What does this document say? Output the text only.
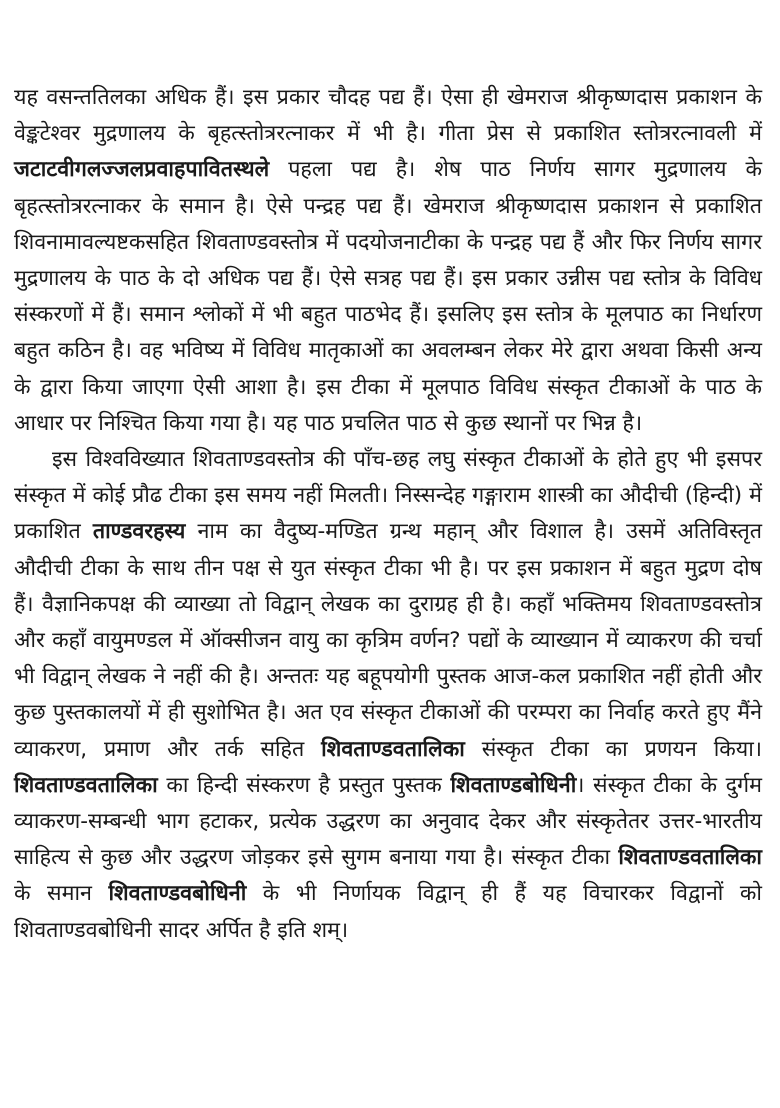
यह वसन्ततिलका अधिक हैं। इस प्रकार चौदह पद्य हैं। ऐसा ही खेमराज श्रीकृष्णदास प्रकाशन के वेङ्कटेश्वर मुद्रणालय के बृहत्स्तोत्ररत्नाकर में भी है। गीता प्रेस से प्रकाशित स्तोत्ररत्नावली में जटाटवीगलज्जलप्रवाहपावितस्थले पहला पद्य है। शेष पाठ निर्णय सागर मुद्रणालय के बृहत्स्तोत्ररत्नाकर के समान है। ऐसे पन्द्रह पद्य हैं। खेमराज श्रीकृष्णदास प्रकाशन से प्रकाशित शिवनामावल्यष्टकसहित शिवताण्डवस्तोत्र में पदयोजनाटीका के पन्द्रह पद्य हैं और फिर निर्णय सागर मुद्रणालय के पाठ के दो अधिक पद्य हैं। ऐसे सत्रह पद्य हैं। इस प्रकार उन्नीस पद्य स्तोत्र के विविध संस्करणों में हैं। समान श्लोकों में भी बहुत पाठभेद हैं। इसलिए इस स्तोत्र के मूलपाठ का निर्धारण बहुत कठिन है। वह भविष्य में विविध मातृकाओं का अवलम्बन लेकर मेरे द्वारा अथवा किसी अन्य के द्वारा किया जाएगा ऐसी आशा है। इस टीका में मूलपाठ विविध संस्कृत टीकाओं के पाठ के आधार पर निश्चित किया गया है। यह पाठ प्रचलित पाठ से कुछ स्थानों पर भिन्न है।

इस विश्वविख्यात शिवताण्डवस्तोत्र की पाँच-छह लघु संस्कृत टीकाओं के होते हुए भी इसपर संस्कृत में कोई प्रौढ टीका इस समय नहीं मिलती। निस्सन्देह गङ्गाराम शास्त्री का औदीची (हिन्दी) में प्रकाशित ताण्डवरहस्य नाम का वैदुष्य-मण्डित ग्रन्थ महान् और विशाल है। उसमें अतिविस्तृत औदीची टीका के साथ तीन पक्ष से युत संस्कृत टीका भी है। पर इस प्रकाशन में बहुत मुद्रण दोष हैं। वैज्ञानिकपक्ष की व्याख्या तो विद्वान् लेखक का दुराग्रह ही है। कहाँ भक्तिमय शिवताण्डवस्तोत्र और कहाँ वायुमण्डल में ऑक्सीजन वायु का कृत्रिम वर्णन? पद्यों के व्याख्यान में व्याकरण की चर्चा भी विद्वान् लेखक ने नहीं की है। अन्ततः यह बहूपयोगी पुस्तक आज-कल प्रकाशित नहीं होती और कुछ पुस्तकालयों में ही सुशोभित है। अत एव संस्कृत टीकाओं की परम्परा का निर्वाह करते हुए मैंने व्याकरण, प्रमाण और तर्क सहित शिवताण्डवतालिका संस्कृत टीका का प्रणयन किया। शिवताण्डवतालिका का हिन्दी संस्करण है प्रस्तुत पुस्तक शिवताण्डबोधिनी। संस्कृत टीका के दुर्गम व्याकरण-सम्बन्धी भाग हटाकर, प्रत्येक उद्धरण का अनुवाद देकर और संस्कृतेतर उत्तर-भारतीय साहित्य से कुछ और उद्धरण जोड़कर इसे सुगम बनाया गया है। संस्कृत टीका शिवताण्डवतालिका के समान शिवताण्डवबोधिनी के भी निर्णायक विद्वान् ही हैं यह विचारकर विद्वानों को शिवताण्डवबोधिनी सादर अर्पित है इति शम्।
